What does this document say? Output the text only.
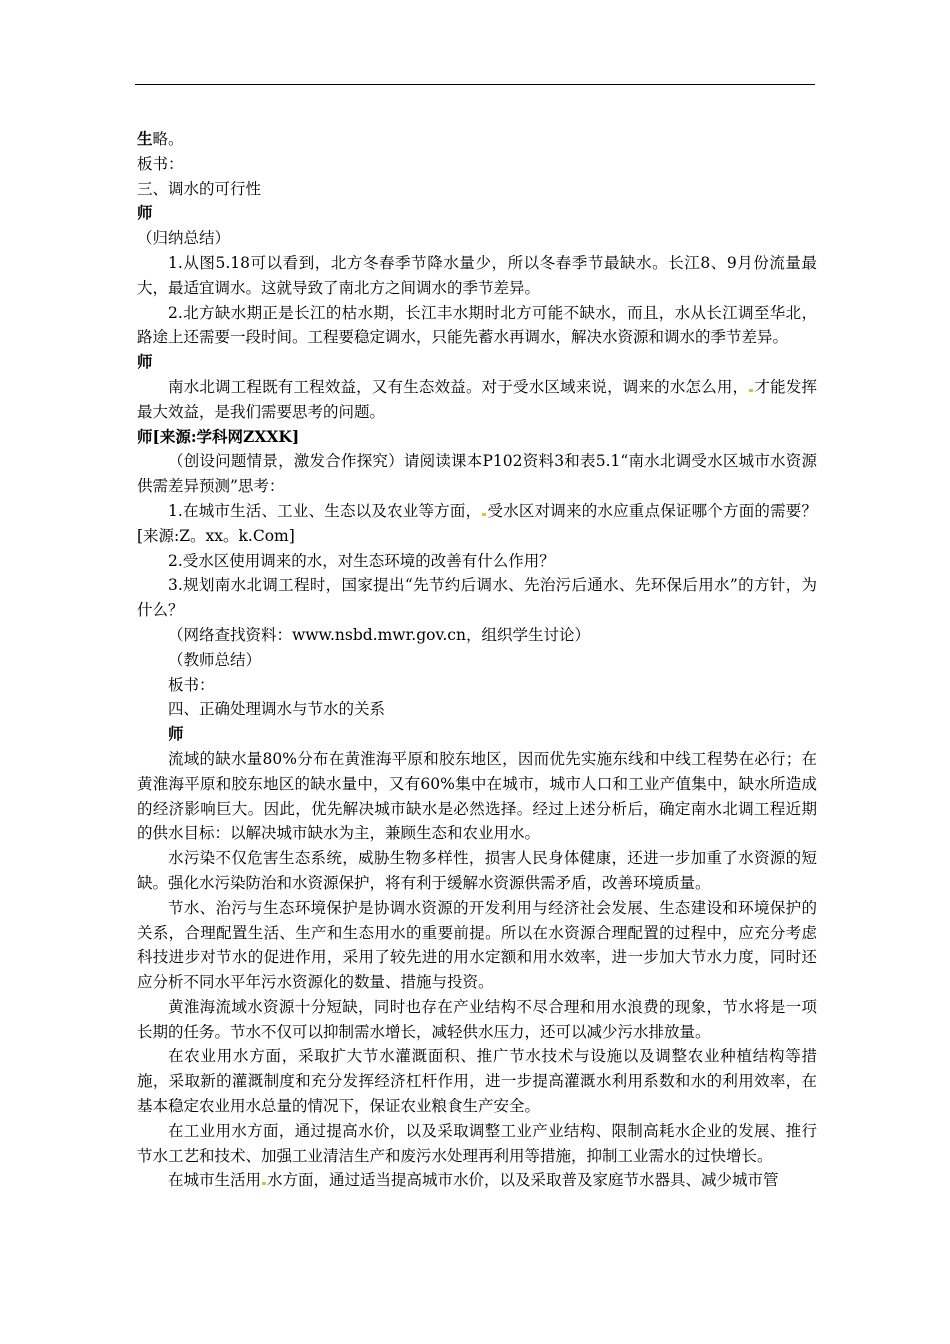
生略。
板书：
三、调水的可行性
师
（归纳总结）
1.从图5.18可以看到，北方冬春季节降水量少，所以冬春季节最缺水。长江8、9月份流量最大，最适宜调水。这就导致了南北方之间调水的季节差异。
2.北方缺水期正是长江的枯水期，长江丰水期时北方可能不缺水，而且，水从长江调至华北，路途上还需要一段时间。工程要稳定调水，只能先蓄水再调水，解决水资源和调水的季节差异。
师
南水北调工程既有工程效益，又有生态效益。对于受水区域来说，调来的水怎么用， 才能发挥最大效益，是我们需要思考的问题。
师[来源:学科网ZXXK]
（创设问题情景，激发合作探究）请阅读课本P102资料3和表5.1“南水北调受水区城市水资源供需差异预测”思考：
1.在城市生活、工业、生态以及农业等方面， 受水区对调来的水应重点保证哪个方面的需要？[来源:Z。xx。k.Com]
2.受水区使用调来的水，对生态环境的改善有什么作用？
3.规划南水北调工程时，国家提出“先节约后调水、先治污后通水、先环保后用水”的方针，为什么？
（网络查找资料：www.nsbd.mwr.gov.cn，组织学生讨论）
（教师总结）
板书：
四、正确处理调水与节水的关系
师
流域的缺水量80%分布在黄淮海平原和胶东地区，因而优先实施东线和中线工程势在必行；在黄淮海平原和胶东地区的缺水量中，又有60%集中在城市，城市人口和工业产值集中，缺水所造成的经济影响巨大。因此，优先解决城市缺水是必然选择。经过上述分析后，确定南水北调工程近期的供水目标：以解决城市缺水为主，兼顾生态和农业用水。
水污染不仅危害生态系统，威胁生物多样性，损害人民身体健康，还进一步加重了水资源的短缺。强化水污染防治和水资源保护，将有利于缓解水资源供需矛盾，改善环境质量。
节水、治污与生态环境保护是协调水资源的开发利用与经济社会发展、生态建设和环境保护的关系，合理配置生活、生产和生态用水的重要前提。所以在水资源合理配置的过程中，应充分考虑科技进步对节水的促进作用，采用了较先进的用水定额和用水效率，进一步加大节水力度，同时还应分析不同水平年污水资源化的数量、措施与投资。
黄淮海流域水资源十分短缺，同时也存在产业结构不尽合理和用水浪费的现象，节水将是一项长期的任务。节水不仅可以抑制需水增长，减轻供水压力，还可以减少污水排放量。
在农业用水方面，采取扩大节水灌溉面积、推广节水技术与设施以及调整农业种植结构等措施，采取新的灌溉制度和充分发挥经济杠杆作用，进一步提高灌溉水利用系数和水的利用效率，在基本稳定农业用水总量的情况下，保证农业粮食生产安全。
在工业用水方面，通过提高水价，以及采取调整工业产业结构、限制高耗水企业的发展、推行节水工艺和技术、加强工业清洁生产和废污水处理再利用等措施，抑制工业需水的过快增长。
在城市生活用 水方面，通过适当提高城市水价，以及采取普及家庭节水器具、减少城市管
